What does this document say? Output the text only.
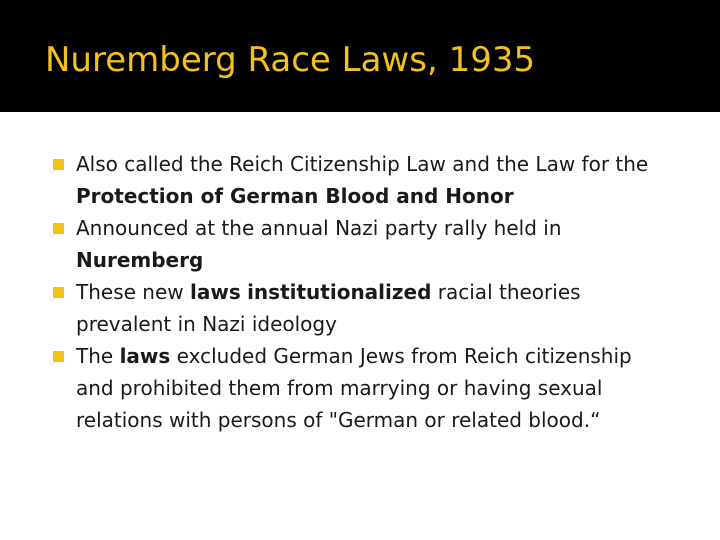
Nuremberg Race Laws, 1935
Also called the Reich Citizenship Law and the Law for the Protection of German Blood and Honor
Announced at the annual Nazi party rally held in Nuremberg
These new laws institutionalized racial theories prevalent in Nazi ideology
The laws excluded German Jews from Reich citizenship and prohibited them from marrying or having sexual relations with persons of "German or related blood.“
